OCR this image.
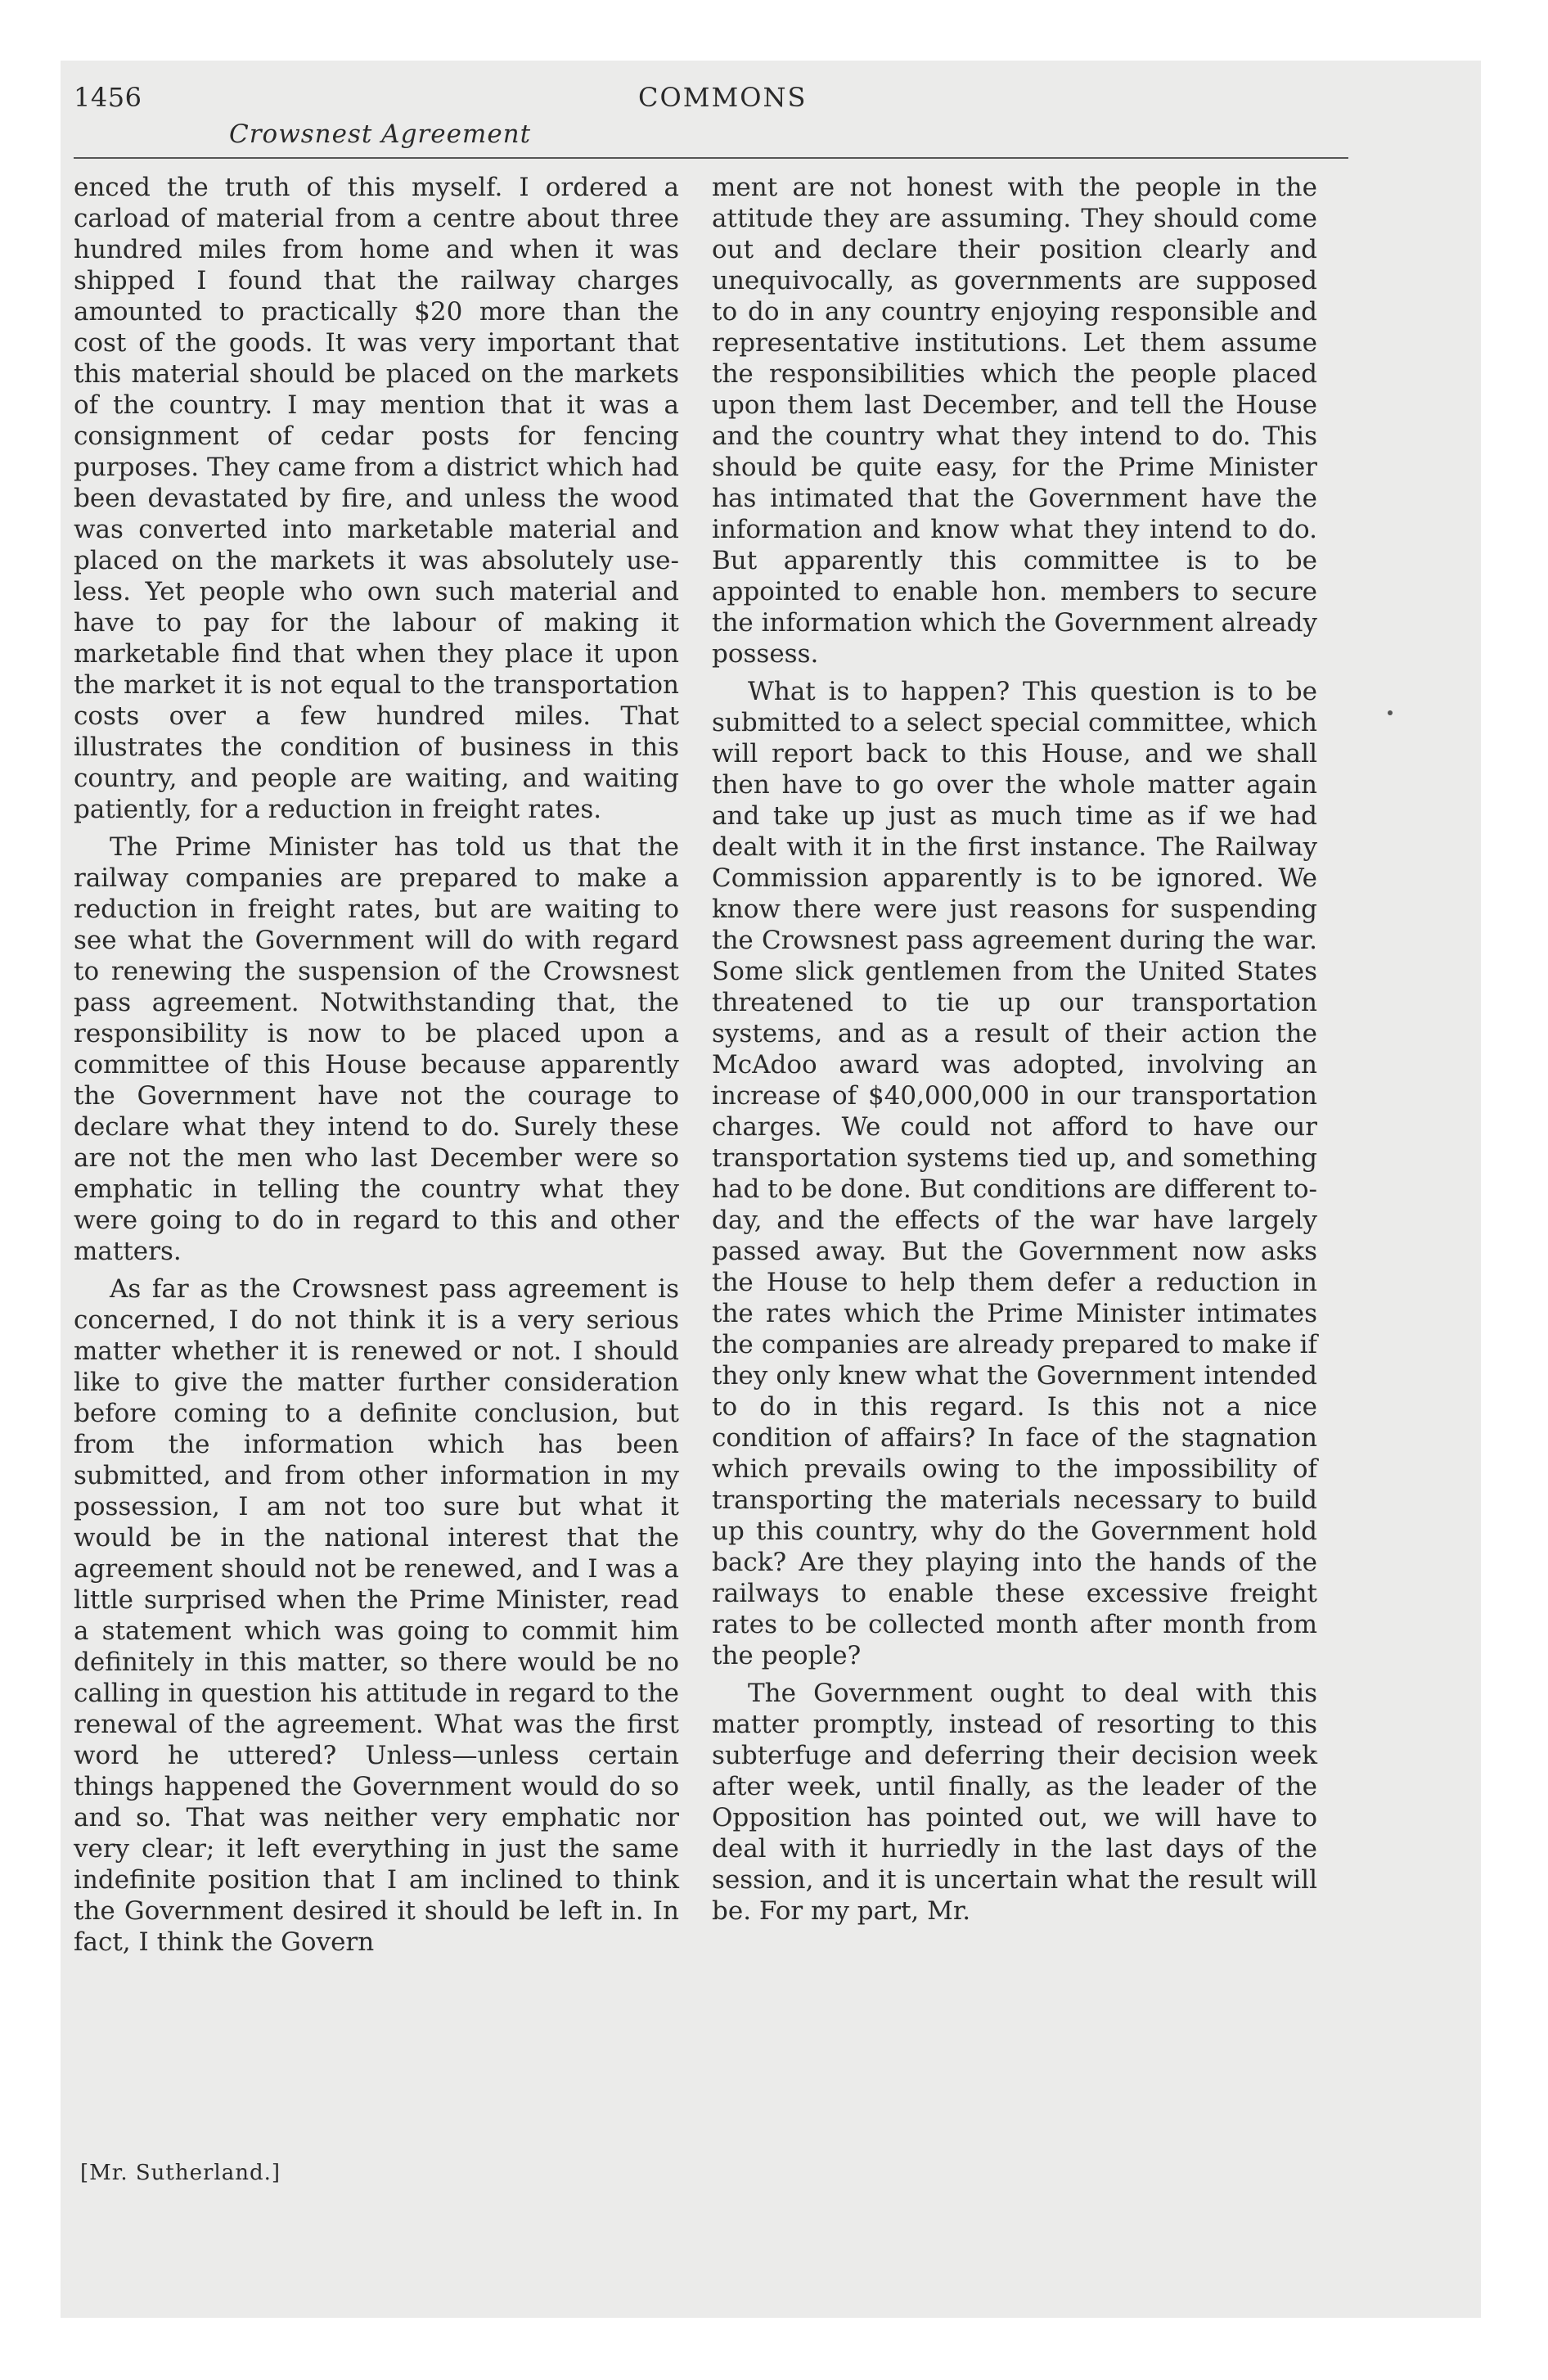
1456	COMMONS
Crowsnest Agreement

enced the truth of this myself. I ordered a carload of material from a centre about three hundred miles from home and when it was shipped I found that the railway charges amounted to practically $20 more than the cost of the goods. It was very important that this material should be placed on the markets of the country. I may mention that it was a consignment of cedar posts for fencing purposes. They came from a district which had been devastated by fire, and unless the wood was converted into marketable material and placed on the markets it was absolutely useless. Yet people who own such material and have to pay for the labour of making it marketable find that when they place it upon the market it is not equal to the transportation costs over a few hundred miles. That illustrates the condition of business in this country, and people are waiting, and waiting patiently, for a reduction in freight rates.

The Prime Minister has told us that the railway companies are prepared to make a reduction in freight rates, but are waiting to see what the Government will do with regard to renewing the suspension of the Crowsnest pass agreement. Notwithstanding that, the responsibility is now to be placed upon a committee of this House because apparently the Government have not the courage to declare what they intend to do. Surely these are not the men who last December were so emphatic in telling the country what they were going to do in regard to this and other matters.

As far as the Crowsnest pass agreement is concerned, I do not think it is a very serious matter whether it is renewed or not. I should like to give the matter further consideration before coming to a definite conclusion, but from the information which has been submitted, and from other information in my possession, I am not too sure but what it would be in the national interest that the agreement should not be renewed, and I was a little surprised when the Prime Minister, read a statement which was going to commit him definitely in this matter, so there would be no calling in question his attitude in regard to the renewal of the agreement. What was the first word he uttered? Unless—unless certain things happened the Government would do so and so. That was neither very emphatic nor very clear; it left everything in just the same indefinite position that I am inclined to think the Government desired it should be left in. In fact, I think the Govern

ment are not honest with the people in the attitude they are assuming. They should come out and declare their position clearly and unequivocally, as governments are supposed to do in any country enjoying responsible and representative institutions. Let them assume the responsibilities which the people placed upon them last December, and tell the House and the country what they intend to do. This should be quite easy, for the Prime Minister has intimated that the Government have the information and know what they intend to do. But apparently this committee is to be appointed to enable hon. members to secure the information which the Government already possess.

What is to happen? This question is to be submitted to a select special committee, which will report back to this House, and we shall then have to go over the whole matter again and take up just as much time as if we had dealt with it in the first instance. The Railway Commission apparently is to be ignored. We know there were just reasons for suspending the Crowsnest pass agreement during the war. Some slick gentlemen from the United States threatened to tie up our transportation systems, and as a result of their action the McAdoo award was adopted, involving an increase of $40,000,000 in our transportation charges. We could not afford to have our transportation systems tied up, and something had to be done. But conditions are different to-day, and the effects of the war have largely passed away. But the Government now asks the House to help them defer a reduction in the rates which the Prime Minister intimates the companies are already prepared to make if they only knew what the Government intended to do in this regard. Is this not a nice condition of affairs? In face of the stagnation which prevails owing to the impossibility of transporting the materials necessary to build up this country, why do the Government hold back? Are they playing into the hands of the railways to enable these excessive freight rates to be collected month after month from the people?

The Government ought to deal with this matter promptly, instead of resorting to this subterfuge and deferring their decision week after week, until finally, as the leader of the Opposition has pointed out, we will have to deal with it hurriedly in the last days of the session, and it is uncertain what the result will be. For my part, Mr.

[Mr. Sutherland.]
